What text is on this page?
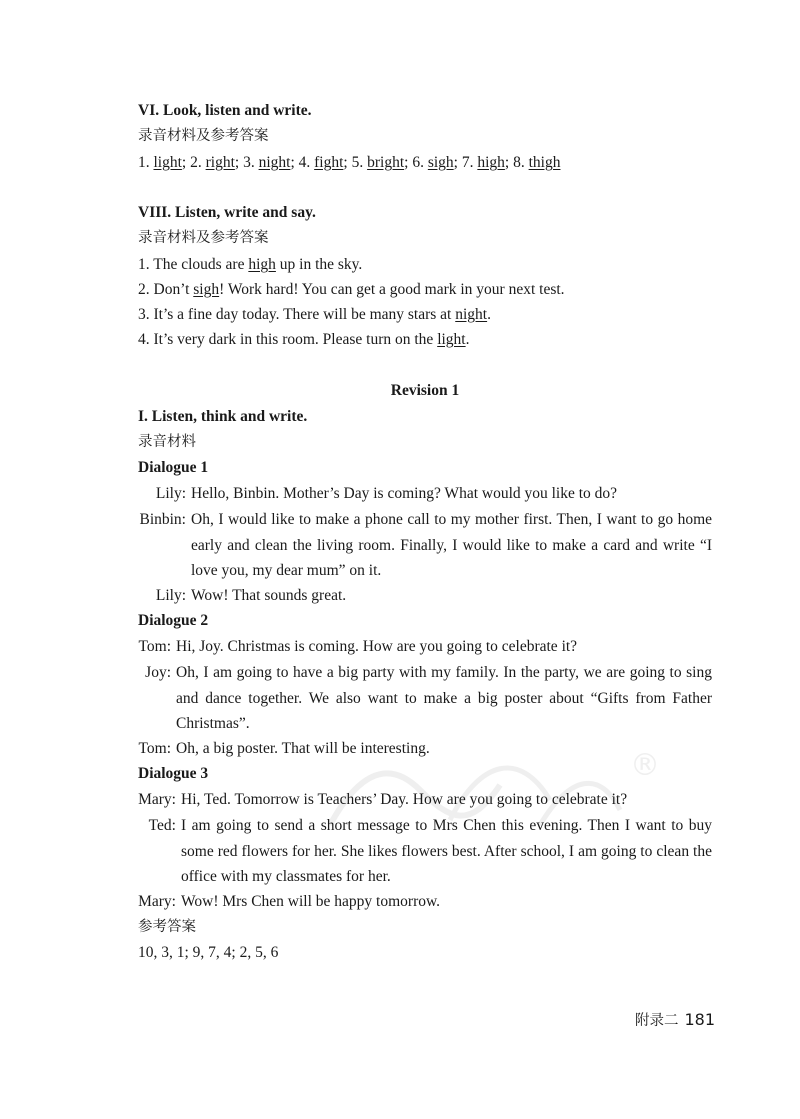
®

VI. Look, listen and write.

录音材料及参考答案

1. light; 2. right; 3. night; 4. fight; 5. bright; 6. sigh; 7. high; 8. thigh

VIII. Listen, write and say.

录音材料及参考答案

1. The clouds are high up in the sky.

2. Don’t sigh! Work hard! You can get a good mark in your next test.

3. It’s a fine day today. There will be many stars at night.

4. It’s very dark in this room. Please turn on the light.

Revision 1

I. Listen, think and write.

录音材料

Dialogue 1

Lily: Hello, Binbin. Mother’s Day is coming? What would you like to do?
Binbin: Oh, I would like to make a phone call to my mother first. Then, I want to go home early and clean the living room. Finally, I would like to make a card and write “I love you, my dear mum” on it.
Lily: Wow! That sounds great.

Dialogue 2

Tom: Hi, Joy. Christmas is coming. How are you going to celebrate it?
Joy: Oh, I am going to have a big party with my family. In the party, we are going to sing and dance together. We also want to make a big poster about “Gifts from Father Christmas”.
Tom: Oh, a big poster. That will be interesting.

Dialogue 3

Mary: Hi, Ted. Tomorrow is Teachers’ Day. How are you going to celebrate it?
Ted: I am going to send a short message to Mrs Chen this evening. Then I want to buy some red flowers for her. She likes flowers best. After school, I am going to clean the office with my classmates for her.
Mary: Wow! Mrs Chen will be happy tomorrow.

参考答案

10, 3, 1; 9, 7, 4; 2, 5, 6

附录二 181
